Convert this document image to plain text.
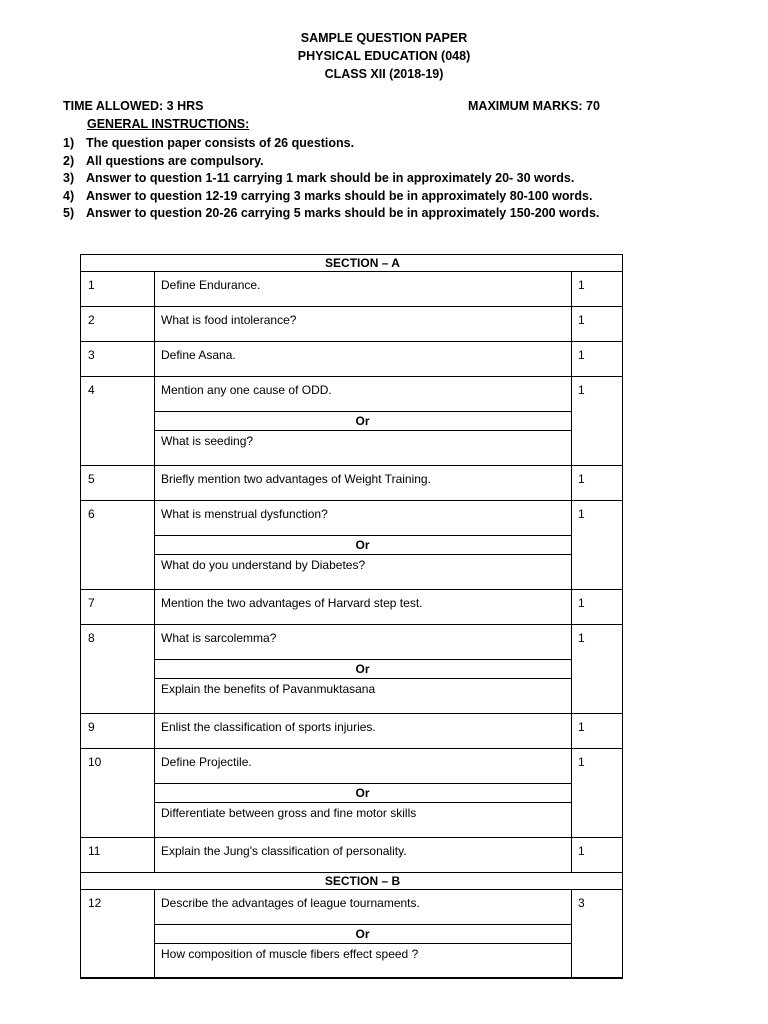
SAMPLE QUESTION PAPER
PHYSICAL EDUCATION (048)
CLASS XII (2018-19)
TIME ALLOWED: 3 HRS	MAXIMUM MARKS: 70
GENERAL INSTRUCTIONS:
1) The question paper consists of 26 questions.
2) All questions are compulsory.
3) Answer to question 1-11 carrying 1 mark should be in approximately 20- 30 words.
4) Answer to question 12-19 carrying 3 marks should be in approximately 80-100 words.
5) Answer to question 20-26 carrying 5 marks should be in approximately 150-200 words.
SECTION – A
1	Define Endurance.	1
2	What is food intolerance?	1
3	Define Asana.	1
4	Mention any one cause of ODD.	1
Or
What is seeding?
5	Briefly mention two advantages of Weight Training.	1
6	What is menstrual dysfunction?	1
Or
What do you understand by Diabetes?
7	Mention the two advantages of Harvard step test.	1
8	What is sarcolemma?	1
Or
Explain the benefits of Pavanmuktasana
9	Enlist the classification of sports injuries.	1
10	Define Projectile.	1
Or
Differentiate between gross and fine motor skills
11	Explain the Jung's classification of personality.	1
SECTION – B
12	Describe the advantages of league tournaments.	3
Or
How composition of muscle fibers effect speed ?
